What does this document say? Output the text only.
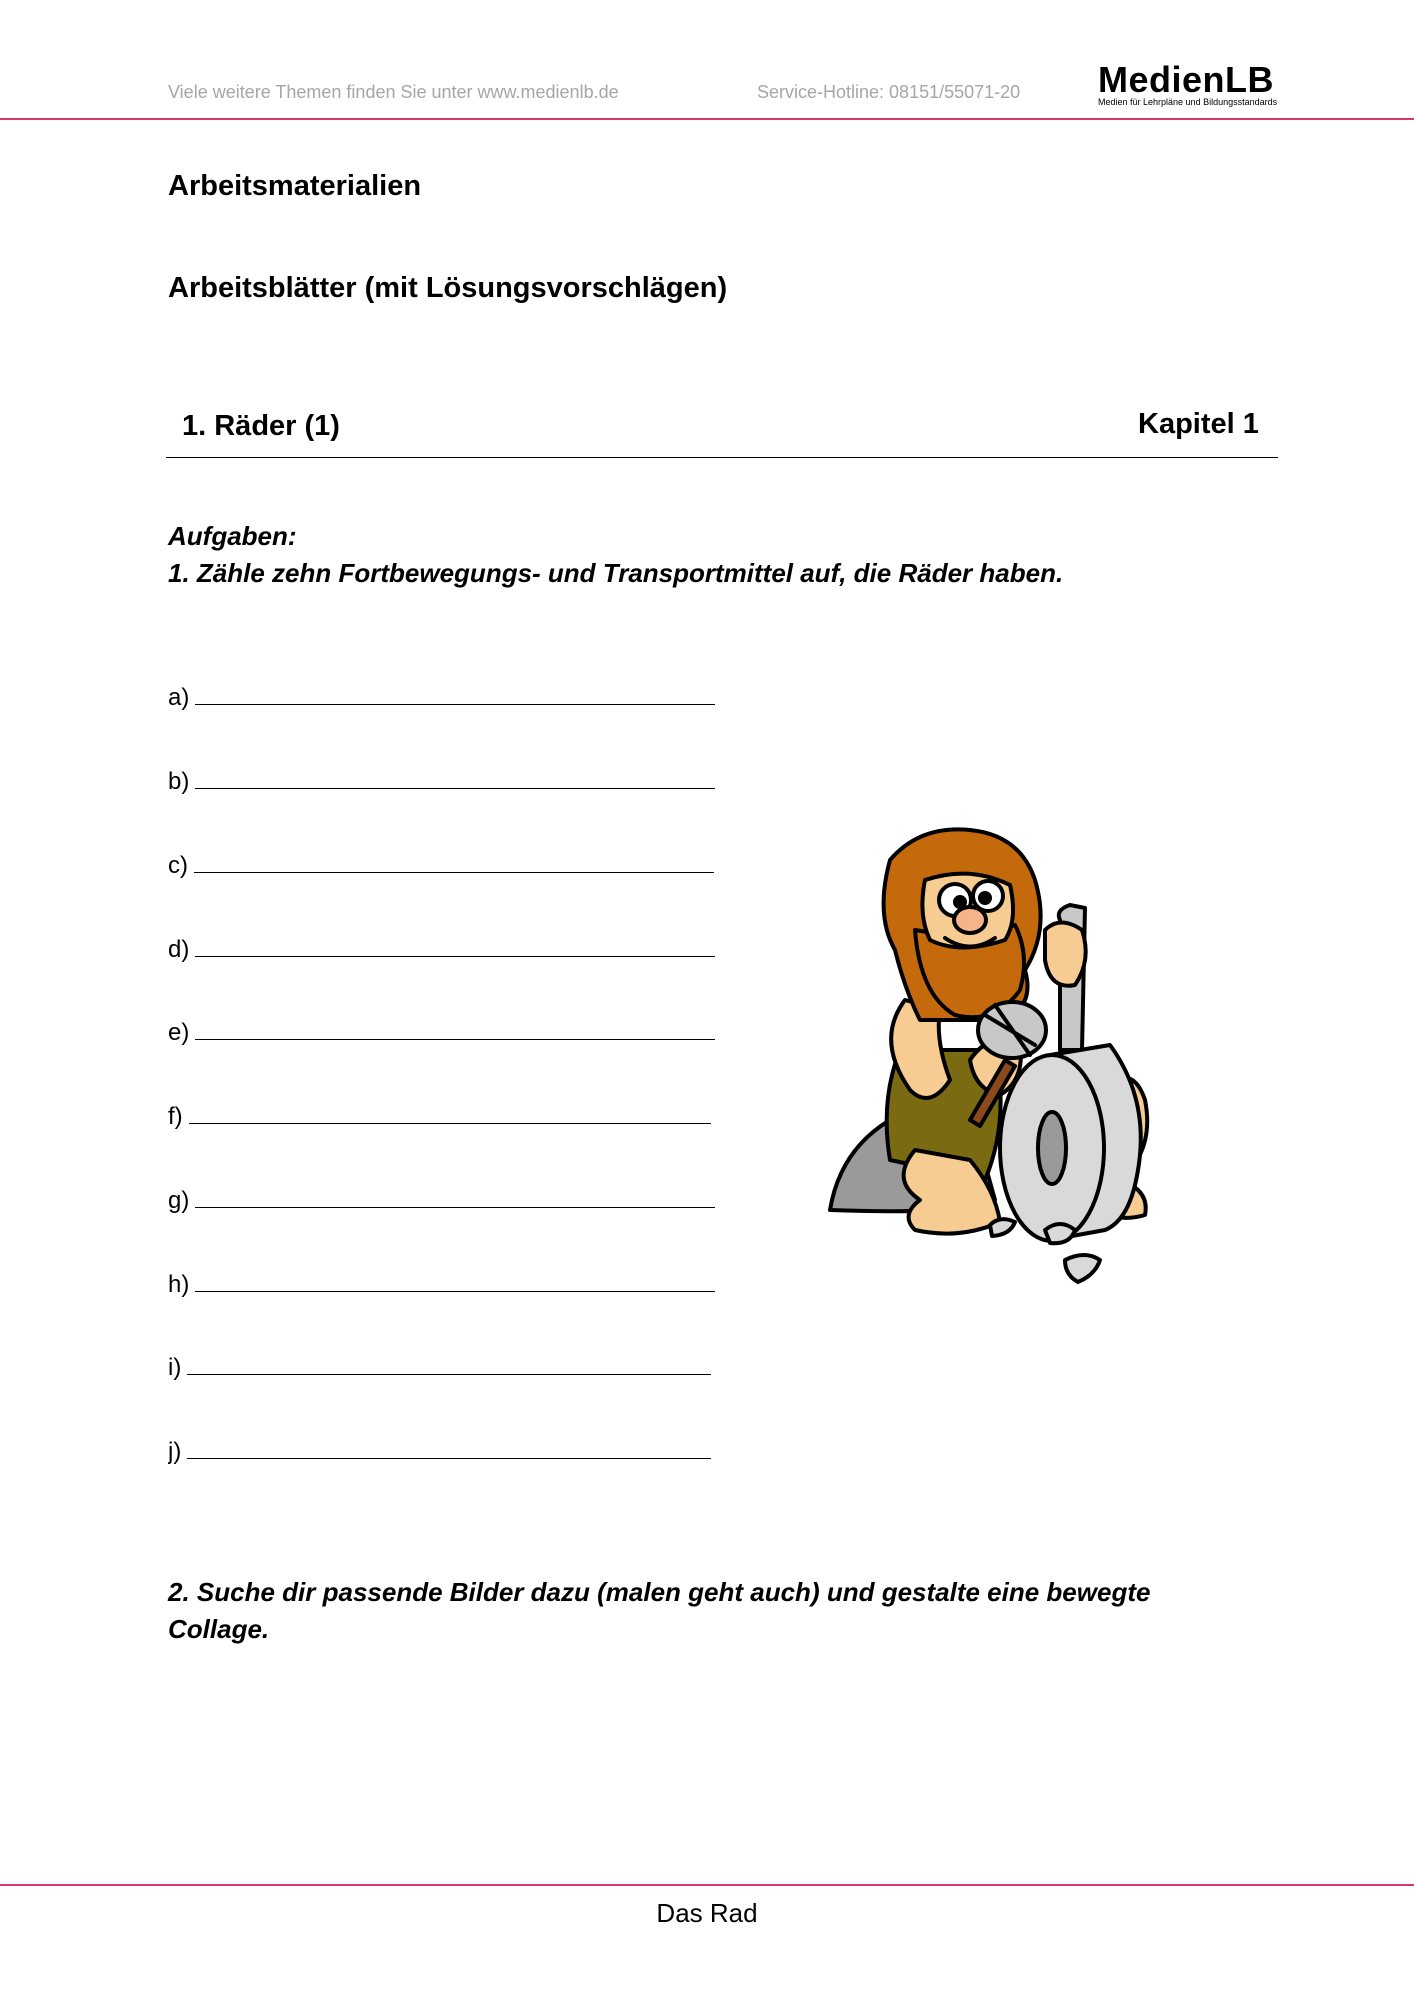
Viele weitere Themen finden Sie unter www.medienlb.de	Service-Hotline: 08151/55071-20 MedienLB
Medien für Lehrpläne und Bildungsstandards
Arbeitsmaterialien
Arbeitsblätter (mit Lösungsvorschlägen)
1. Räder (1)	Kapitel 1
Aufgaben:
1. Zähle zehn Fortbewegungs- und Transportmittel auf, die Räder haben.
a)
b)
c)
d)
e)
f)
g)
h)
i)
j)
2. Suche dir passende Bilder dazu (malen geht auch) und gestalte eine bewegte
Collage.
Das Rad
